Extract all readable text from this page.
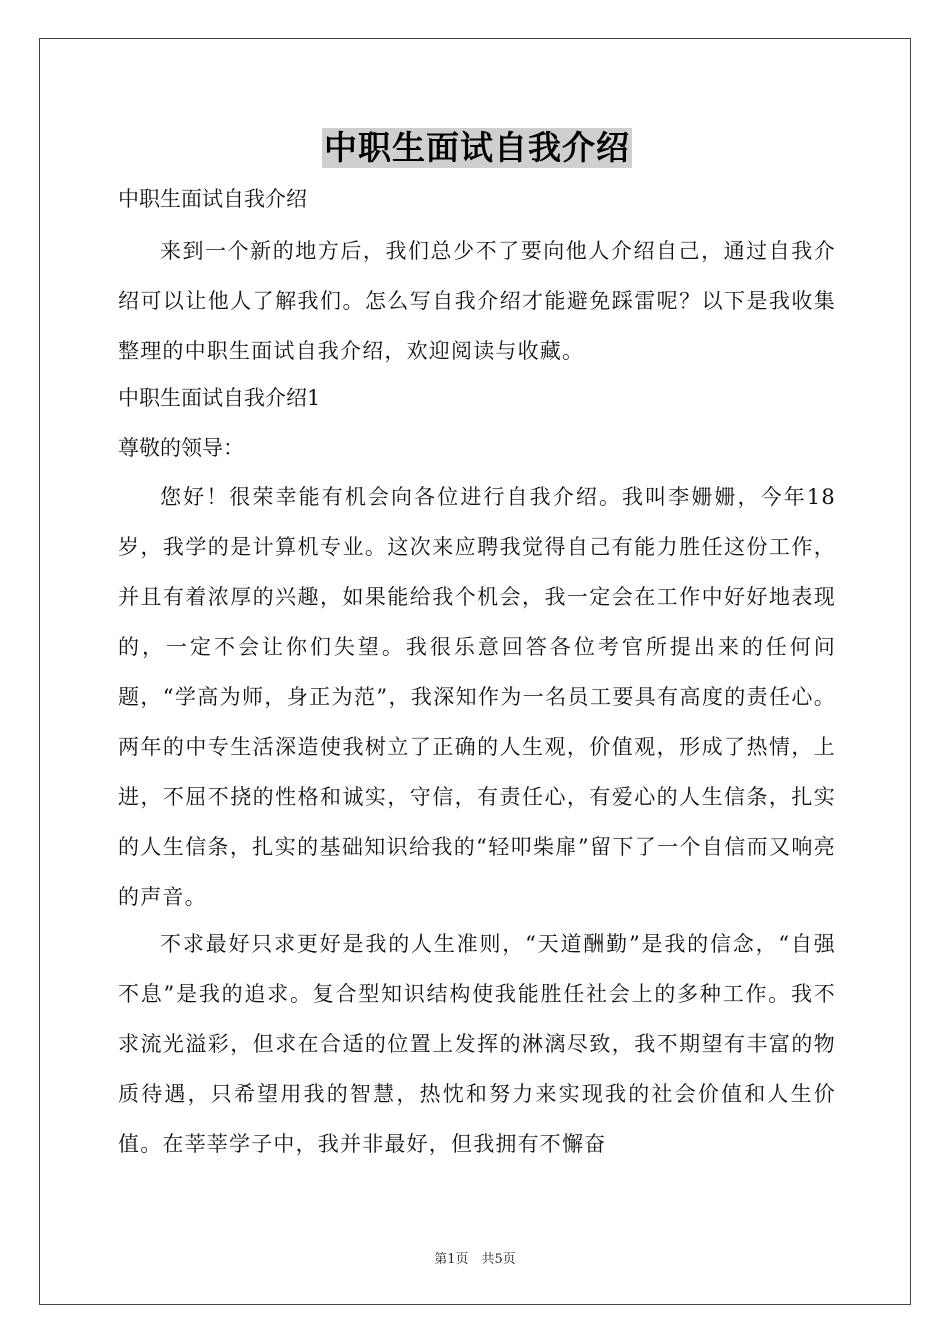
中职生面试自我介绍
中职生面试自我介绍
来到一个新的地方后，我们总少不了要向他人介绍自己，通过自我介绍可以让他人了解我们。怎么写自我介绍才能避免踩雷呢？以下是我收集整理的中职生面试自我介绍，欢迎阅读与收藏。
中职生面试自我介绍1
尊敬的领导：
您好！很荣幸能有机会向各位进行自我介绍。我叫李姗姗，今年18岁，我学的是计算机专业。这次来应聘我觉得自己有能力胜任这份工作，并且有着浓厚的兴趣，如果能给我个机会，我一定会在工作中好好地表现的，一定不会让你们失望。我很乐意回答各位考官所提出来的任何问题，“学高为师，身正为范”，我深知作为一名员工要具有高度的责任心。两年的中专生活深造使我树立了正确的人生观，价值观，形成了热情，上进，不屈不挠的性格和诚实，守信，有责任心，有爱心的人生信条，扎实的人生信条，扎实的基础知识给我的“轻叩柴扉”留下了一个自信而又响亮的声音。
不求最好只求更好是我的人生准则，“天道酬勤”是我的信念，“自强不息”是我的追求。复合型知识结构使我能胜任社会上的多种工作。我不求流光溢彩，但求在合适的位置上发挥的淋漓尽致，我不期望有丰富的物质待遇，只希望用我的智慧，热忱和努力来实现我的社会价值和人生价值。在莘莘学子中，我并非最好，但我拥有不懈奋
第1页　共5页
